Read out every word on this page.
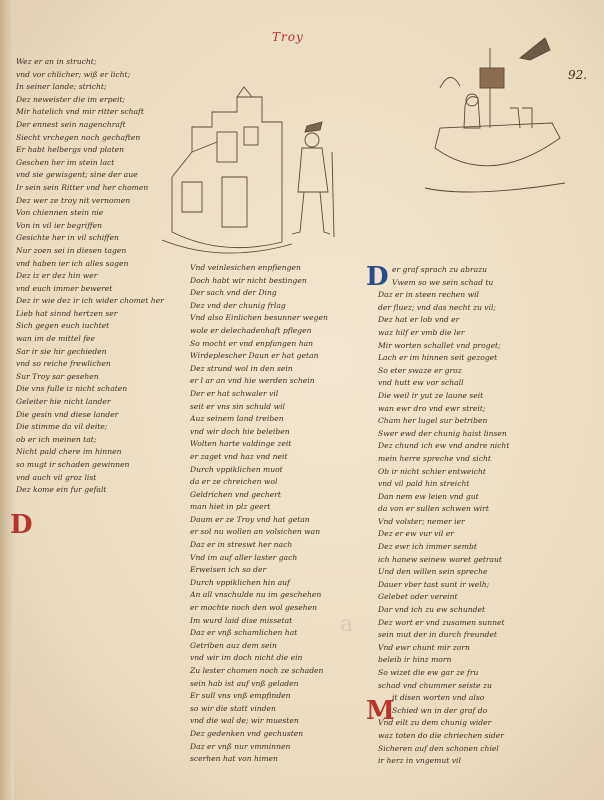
Troy
92.
a
Wez er an in strucht;
vnd vor chlicher; wiß er licht;
In seiner lande; stricht;
Dez neweister die im erpeit;
Mir hatelich vnd mir ritter schaft
Der ennest sein nagenchraft
Siecht vrchegen noch gechaften
Er habt helbergs vnd platen
Geschen her im stein lact
vnd sie gewisgent; sine der aue
Ir sein sein Ritter vnd her chomen
Dez wer ze troy nit vernomen
Von chiennen stein nie
Von in vil ier begriffen
Gesichte her in vil schiffen
Nur zoen sei in diesen tagen
vnd haben ier ich alles sagen
Dez iz er dez hin wer
vnd euch immer beweret
Dez ir wie dez ir ich wider chomet her
Lieb hat sinnd hertzen ser
Sich gegen euch iuchtet
wan im de mittel fee
Sar ir sie hir gechieden
vnd so reiche frewlichen
Sur Troy sar gesehen
Die vns fulle iz nicht schaten
Geleiter hie nicht lander
Die gesin vnd diese lander
Die stimme da vil deite;
ob er ich meinen tat;
Nicht pald chere im hinnen
so mugt ir schaden gewinnen
vnd auch vil groz list
Dez kome ein fur gefalt
D
Vnd veinlesichen enpfiengen
Doch habt wir nicht bestingen
Der sach vnd der Ding
Dez vnd der chunig frlag
Vnd also Einlichen besunner wegen
wole er delechadenhaft pflegen
So mocht er vnd enpfangen han
Wirdeplescher Daun er hat getan
Dez strund wol in den sein
er l ar an vnd hie werden schein
Der er hat schwaler vil
seit er vns sin schuld wil
Auz seinem land treiben
vnd wir doch hie beleiben
Wolten harte valdinge zeit
er zaget vnd haz vnd neit
Durch vppiklichen muot
da er ze chreichen wol
Geldrichen vnd gechert
man hiet in plz geert
Daum er ze Troy vnd hat getan
er sol nu wollen an volsichen wan
Daz er in streswt her nach
Vnd im auf aller laster gach
Erweisen ich so der
Durch vppiklichen hin auf
An all vnschulde nu im geschehen
er mochte noch den wol gesehen
Im wurd laid dise missetat
Daz er vnß schamlichen hat
Getriben auz dem sein
vnd wir im doch nicht die ein
Zu lester chomen noch ze schaden
sein hab ist auf vnß geladen
Er sull vns vnß empfinden
so wir die statt vinden
vnd die wal de; wir muesten
Dez gedenken vnd gechusten
Daz er vnß nur vmminnen
scerhen hat von himen
er graf sprach zu abrazu
Vwem so we sein schad tu
Daz er in steen rechen wil
der fluez; vnd das necht zu vil;
Dez hat er lob vnd er
waz hilf er vmb die ler
Mir worten schallet vnd proget;
Lach er im hinnen seit gezoget
So eter swaze er groz
vnd hutt ew vor schall
Die weil ir yut ze laune seit
wan ewr dro vnd ewr streit;
Cham her lugel sur betriben
Swer ewd der chunig haist linsen
Dez chund ich ew vnd andre nicht
mein herre spreche vnd sicht
Ob ir nicht schier entweicht
vnd vil pald hin streicht
Dan nem ew leien vnd gut
da von er sullen schwen wirt
Vnd volster; nemer ier
Dez er ew vur vil er
Dez ewr ich immer sembt
ich hanew seinew woret getraut
Und den willen sein spreche
Dauer vber tast sunt ir welh;
Gelebet oder vereint
Dar vnd ich zu ew schundet
Dez wort er vnd zusamen sunnet
sein mut der in durch freundet
Vnd ewr chunt mir zorn
beleib ir hinz morn
So wizet die ew gar ze fru
schad vnd chummer seiste zu
it disen worten vnd also
Schied wn in der graf do
Vnd eilt zu dem chunig wider
waz toten do die chriechen sider
Sicheren auf den schonen chiel
ir herz in vngemut vil
D
M
